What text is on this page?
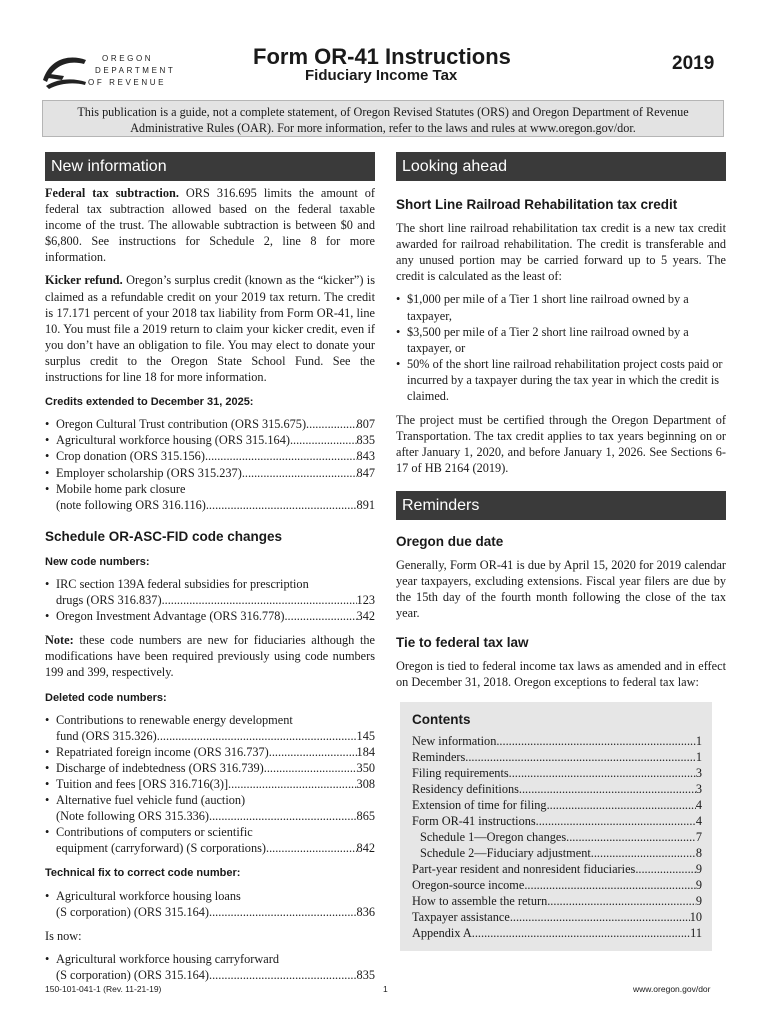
OREGON
DEPARTMENT
OF REVENUE
Form OR-41 Instructions
Fiduciary Income Tax
2019
This publication is a guide, not a complete statement, of Oregon Revised Statutes (ORS) and Oregon Department of Revenue Administrative Rules (OAR). For more information, refer to the laws and rules at www.oregon.gov/dor.
New information

Federal tax subtraction. ORS 316.695 limits the amount of federal tax subtraction allowed based on the federal taxable income of the trust. The allowable subtraction is between $0 and $6,800. See instructions for Schedule 2, line 8 for more information.

Kicker refund. Oregon’s surplus credit (known as the “kicker”) is claimed as a refundable credit on your 2019 tax return. The credit is 17.171 percent of your 2018 tax liability from Form OR-41, line 10. You must file a 2019 return to claim your kicker credit, even if you don’t have an obligation to file. You may elect to donate your surplus credit to the Oregon State School Fund. See the instructions for line 18 for more information.

Credits extended to December 31, 2025:
• Oregon Cultural Trust contribution (ORS 315.675) .....	807
• Agricultural workforce housing (ORS 315.164) .....	835
• Crop donation (ORS 315.156) .....	843
• Employer scholarship (ORS 315.237) .....	847
• Mobile home park closure
(note following ORS 316.116) .....	891
Schedule OR-ASC-FID code changes
New code numbers:
• IRC section 139A federal subsidies for prescription
drugs (ORS 316.837) .....	123
• Oregon Investment Advantage (ORS 316.778) .....	342

Note: these code numbers are new for fiduciaries although the modifications have been required previously using code numbers 199 and 399, respectively.

Deleted code numbers:
• Contributions to renewable energy development
fund (ORS 315.326) .....	145
• Repatriated foreign income (ORS 316.737) .....	184
• Discharge of indebtedness (ORS 316.739) .....	350
• Tuition and fees [ORS 316.716(3)] .....	308
• Alternative fuel vehicle fund (auction)
(Note following ORS 315.336) .....	865
• Contributions of computers or scientific
equipment (carryforward) (S corporations) .....	842
Technical fix to correct code number:
• Agricultural workforce housing loans
(S corporation) (ORS 315.164) .....	836
Is now:
• Agricultural workforce housing carryforward
(S corporation) (ORS 315.164) .....	835
Looking ahead
Short Line Railroad Rehabilitation tax credit

The short line railroad rehabilitation tax credit is a new tax credit awarded for railroad rehabilitation. The credit is transferable and any unused portion may be carried forward up to 5 years. The credit is calculated as the least of:

• $1,000 per mile of a Tier 1 short line railroad owned by a taxpayer,
• $3,500 per mile of a Tier 2 short line railroad owned by a taxpayer, or
• 50% of the short line railroad rehabilitation project costs paid or incurred by a taxpayer during the tax year in which the credit is claimed.

The project must be certified through the Oregon Department of Transportation. The tax credit applies to tax years beginning on or after January 1, 2020, and before January 1, 2026. See Sections 6-17 of HB 2164 (2019).

Reminders
Oregon due date

Generally, Form OR-41 is due by April 15, 2020 for 2019 calendar year taxpayers, excluding extensions. Fiscal year filers are due by the 15th day of the fourth month following the close of the tax year.

Tie to federal tax law

Oregon is tied to federal income tax laws as amended and in effect on December 31, 2018. Oregon exceptions to federal tax law:

Contents
New information .....	1
Reminders .....	1
Filing requirements .....	3
Residency definitions .....	3
Extension of time for filing .....	4
Form OR-41 instructions .....	4
Schedule 1—Oregon changes .....	7
Schedule 2—Fiduciary adjustment .....	8
Part-year resident and nonresident fiduciaries .....	9
Oregon-source income .....	9
How to assemble the return .....	9
Taxpayer assistance .....	10
Appendix A .....	11
150-101-041-1 (Rev. 11-21-19)	1	www.oregon.gov/dor
